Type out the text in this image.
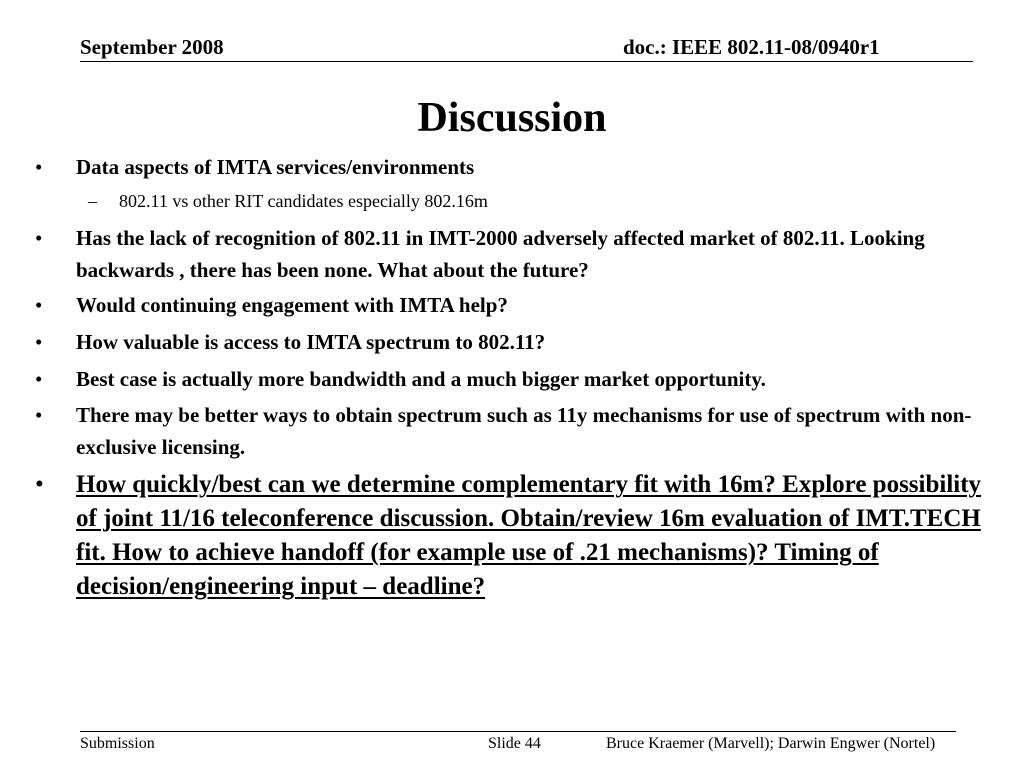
September 2008	doc.: IEEE 802.11-08/0940r1
Discussion
•	Data aspects of IMTA services/environments
– 802.11 vs other RIT candidates especially 802.16m
•	Has the lack of recognition of 802.11 in IMT-2000 adversely affected market of 802.11. Looking backwards , there has been none. What about the future?
•	Would continuing engagement with IMTA help?
•	How valuable is access to IMTA spectrum to 802.11?
•	Best case is actually more bandwidth and a much bigger market opportunity.
•	There may be better ways to obtain spectrum such as 11y mechanisms for use of spectrum with non-exclusive licensing.
•	How quickly/best can we determine complementary fit with 16m? Explore possibility of joint 11/16 teleconference discussion. Obtain/review 16m evaluation of IMT.TECH fit. How to achieve handoff (for example use of .21 mechanisms)? Timing of decision/engineering input – deadline?
Submission	Slide 44	Bruce Kraemer (Marvell); Darwin Engwer (Nortel)
